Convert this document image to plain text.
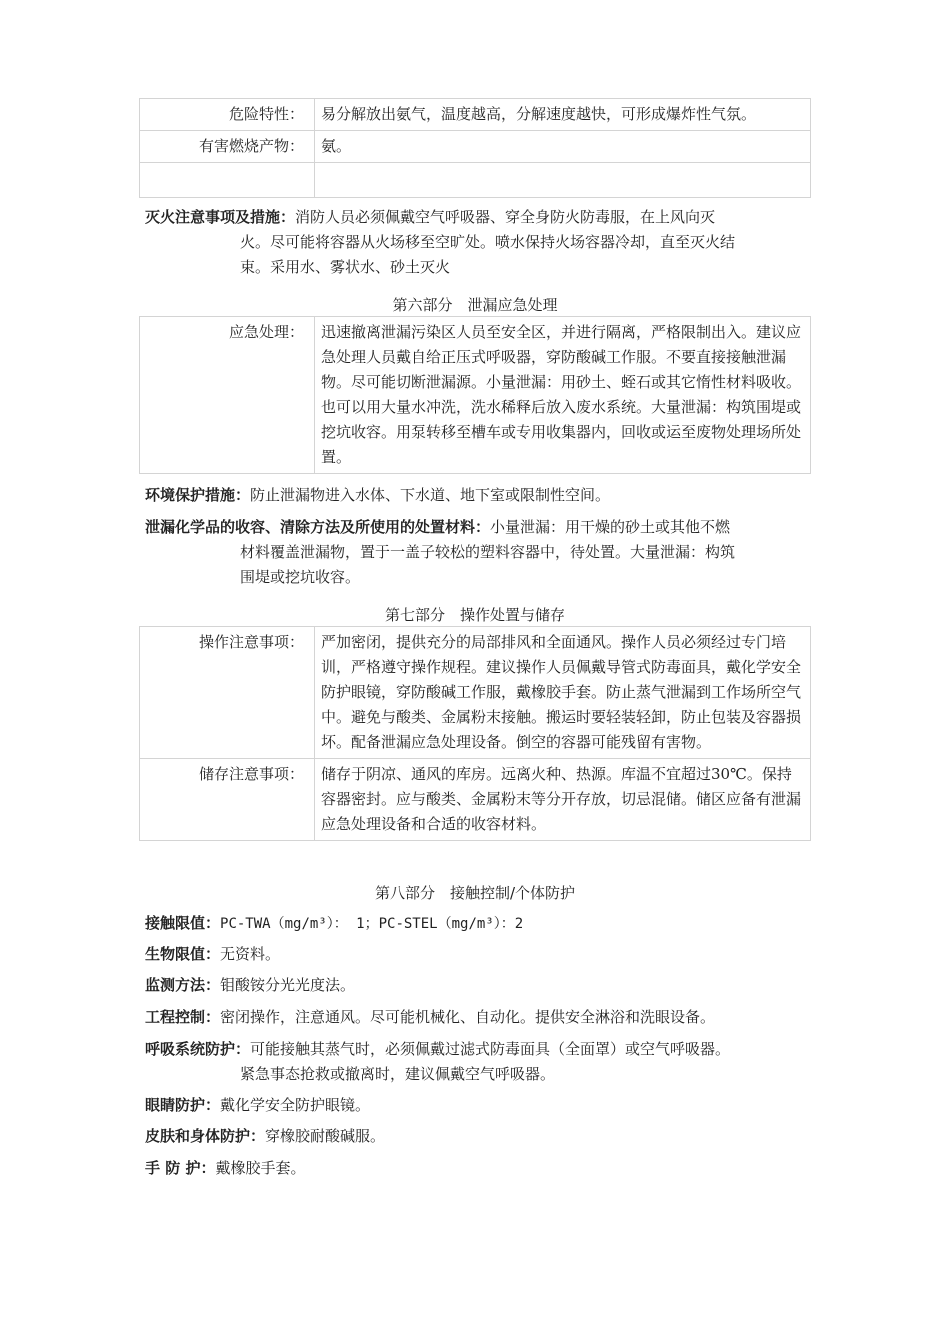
危险特性：	易分解放出氨气，温度越高，分解速度越快，可形成爆炸性气氛。
有害燃烧产物：	氨。

灭火注意事项及措施：消防人员必须佩戴空气呼吸器、穿全身防火防毒服，在上风向灭
火。尽可能将容器从火场移至空旷处。喷水保持火场容器冷却，直至灭火结
束。采用水、雾状水、砂土灭火
第六部分　泄漏应急处理
应急处理：	迅速撤离泄漏污染区人员至安全区，并进行隔离，严格限制出入。建议应急处理人员戴自给正压式呼吸器，穿防酸碱工作服。不要直接接触泄漏物。尽可能切断泄漏源。小量泄漏：用砂土、蛭石或其它惰性材料吸收。也可以用大量水冲洗，洗水稀释后放入废水系统。大量泄漏：构筑围堤或挖坑收容。用泵转移至槽车或专用收集器内，回收或运至废物处理场所处置。
环境保护措施：防止泄漏物进入水体、下水道、地下室或限制性空间。
泄漏化学品的收容、清除方法及所使用的处置材料：小量泄漏：用干燥的砂土或其他不燃
材料覆盖泄漏物，置于一盖子较松的塑料容器中，待处置。大量泄漏：构筑
围堤或挖坑收容。
第七部分　操作处置与储存
操作注意事项：	严加密闭，提供充分的局部排风和全面通风。操作人员必须经过专门培训，严格遵守操作规程。建议操作人员佩戴导管式防毒面具，戴化学安全防护眼镜，穿防酸碱工作服，戴橡胶手套。防止蒸气泄漏到工作场所空气中。避免与酸类、金属粉末接触。搬运时要轻装轻卸，防止包装及容器损坏。配备泄漏应急处理设备。倒空的容器可能残留有害物。
储存注意事项：	储存于阴凉、通风的库房。远离火种、热源。库温不宜超过30℃。保持容器密封。应与酸类、金属粉末等分开存放，切忌混储。储区应备有泄漏应急处理设备和合适的收容材料。
第八部分　接触控制/个体防护
接触限值：PC-TWA（mg/m³）： 1；PC-STEL（mg/m³）：2
生物限值：无资料。
监测方法：钼酸铵分光光度法。
工程控制：密闭操作，注意通风。尽可能机械化、自动化。提供安全淋浴和洗眼设备。
呼吸系统防护：可能接触其蒸气时，必须佩戴过滤式防毒面具（全面罩）或空气呼吸器。
紧急事态抢救或撤离时，建议佩戴空气呼吸器。
眼睛防护：戴化学安全防护眼镜。
皮肤和身体防护：穿橡胶耐酸碱服。
手 防 护：戴橡胶手套。
